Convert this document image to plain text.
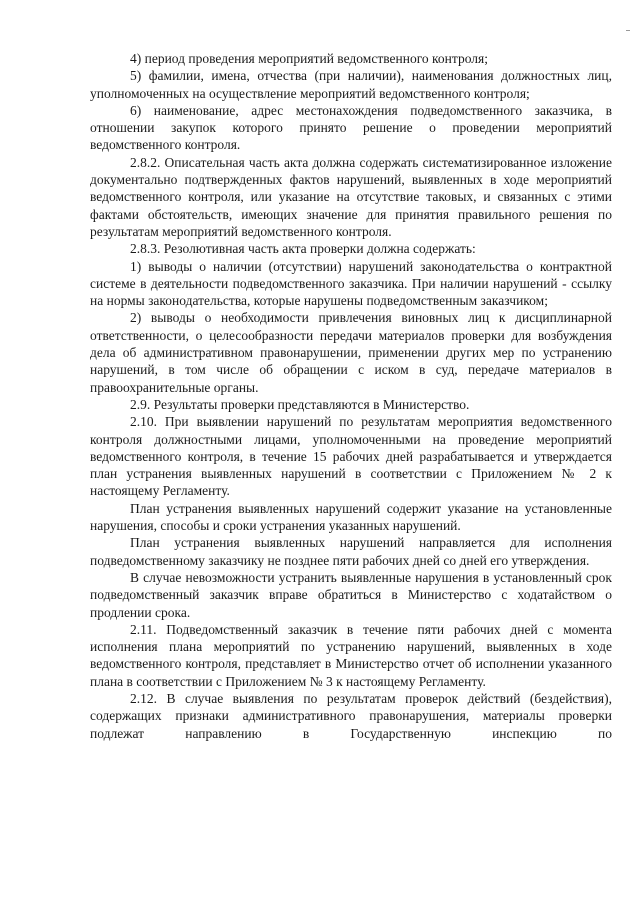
4) период проведения мероприятий ведомственного контроля;

5) фамилии, имена, отчества (при наличии), наименования должностных лиц, уполномоченных на осуществление мероприятий ведомственного контроля;

6) наименование, адрес местонахождения подведомственного заказчика, в отношении закупок которого принято решение о проведении мероприятий ведомственного контроля.

2.8.2. Описательная часть акта должна содержать систематизированное изложение документально подтвержденных фактов нарушений, выявленных в ходе мероприятий ведомственного контроля, или указание на отсутствие таковых, и связанных с этими фактами обстоятельств, имеющих значение для принятия правильного решения по результатам мероприятий ведомственного контроля.

2.8.3. Резолютивная часть акта проверки должна содержать:

1) выводы о наличии (отсутствии) нарушений законодательства о контрактной системе в деятельности подведомственного заказчика. При наличии нарушений - ссылку на нормы законодательства, которые нарушены подведомственным заказчиком;

2) выводы о необходимости привлечения виновных лиц к дисциплинарной ответственности, о целесообразности передачи материалов проверки для возбуждения дела об административном правонарушении, применении других мер по устранению нарушений, в том числе об обращении с иском в суд, передаче материалов в правоохранительные органы.

2.9. Результаты проверки представляются в Министерство.

2.10. При выявлении нарушений по результатам мероприятия ведомственного контроля должностными лицами, уполномоченными на проведение мероприятий ведомственного контроля, в течение 15 рабочих дней разрабатывается и утверждается план устранения выявленных нарушений в соответствии с Приложением № 2 к настоящему Регламенту.

План устранения выявленных нарушений содержит указание на установленные нарушения, способы и сроки устранения указанных нарушений.

План устранения выявленных нарушений направляется для исполнения подведомственному заказчику не позднее пяти рабочих дней со дней его утверждения.

В случае невозможности устранить выявленные нарушения в установленный срок подведомственный заказчик вправе обратиться в Министерство с ходатайством о продлении срока.

2.11. Подведомственный заказчик в течение пяти рабочих дней с момента исполнения плана мероприятий по устранению нарушений, выявленных в ходе ведомственного контроля, представляет в Министерство отчет об исполнении указанного плана в соответствии с Приложением № 3 к настоящему Регламенту.

2.12. В случае выявления по результатам проверок действий (бездействия), содержащих признаки административного правонарушения, материалы проверки подлежат направлению в Государственную инспекцию по
